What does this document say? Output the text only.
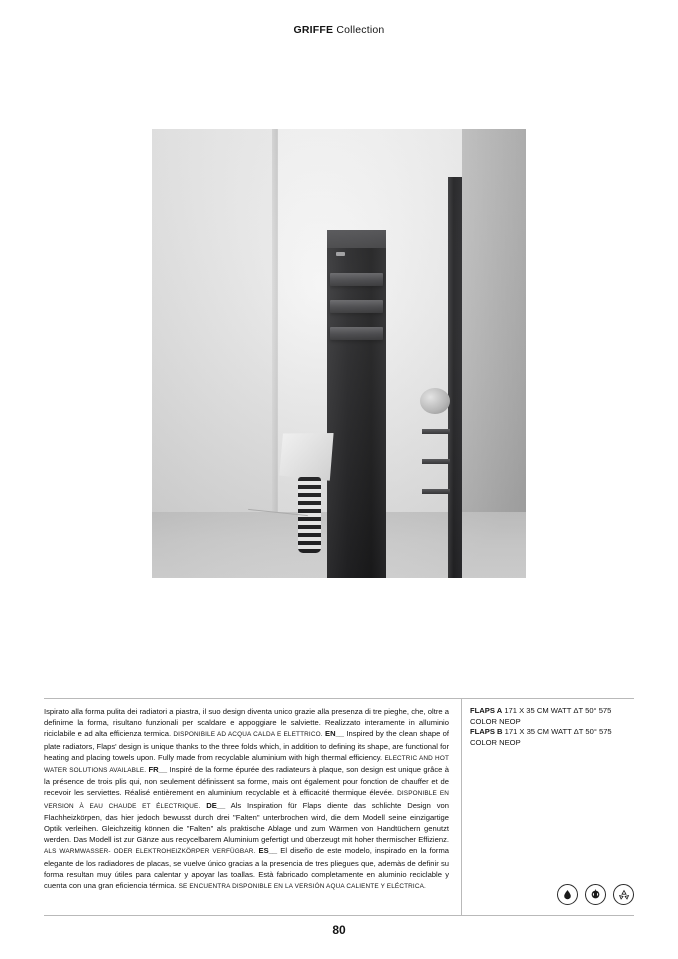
GRIFFE Collection
Ispirato alla forma pulita dei radiatori a piastra, il suo design diventa unico grazie alla presenza di tre pieghe, che, oltre a definirne la forma, risultano funzionali per scaldare e appoggiare le salviette. Realizzato interamente in alluminio riciclabile e ad alta efficienza termica. DISPONIBILE AD ACQUA CALDA E ELETTRICO. EN__ Inspired by the clean shape of plate radiators, Flaps' design is unique thanks to the three folds which, in addition to defining its shape, are functional for heating and placing towels upon. Fully made from recyclable aluminium with high thermal efficiency. ELECTRIC AND HOT WATER SOLUTIONS AVAILABLE. FR__ Inspiré de la forme épurée des radiateurs à plaque, son design est unique grâce à la présence de trois plis qui, non seulement définissent sa forme, mais ont également pour fonction de chauffer et de recevoir les serviettes. Réalisé entièrement en aluminium recyclable et à efficacité thermique élevée. DISPONIBLE EN VERSION À EAU CHAUDE ET ÉLECTRIQUE. DE__ Als Inspiration für Flaps diente das schlichte Design von Flachheizkörpen, das hier jedoch bewusst durch drei "Falten" unterbrochen wird, die dem Modell seine einzigartige Optik verleihen. Gleichzeitig können die "Falten" als praktische Ablage und zum Wärmen von Handtüchern genutzt werden. Das Modell ist zur Gänze aus recycelbarem Aluminium gefertigt und überzeugt mit hoher thermischer Effizienz. ALS WARMWASSER- ODER ELEKTROHEIZKÖRPER VERFÜGBAR. ES__ El diseño de este modelo, inspirado en la forma elegante de los radiadores de placas, se vuelve único gracias a la presencia de tres pliegues que, ademàs de definir su forma resultan muy útiles para calentar y apoyar las toallas. Està fabricado completamente en aluminio reciclable y cuenta con una gran eficiencia térmica. SE ENCUENTRA DISPONIBLE EN LA VERSIÓN AQUA CALIENTE Y ELÉCTRICA.
FLAPS A 171 X 35 CM WATT ΔT 50° 575
COLOR NEOP
FLAPS B 171 X 35 CM WATT ΔT 50° 575
COLOR NEOP
80
